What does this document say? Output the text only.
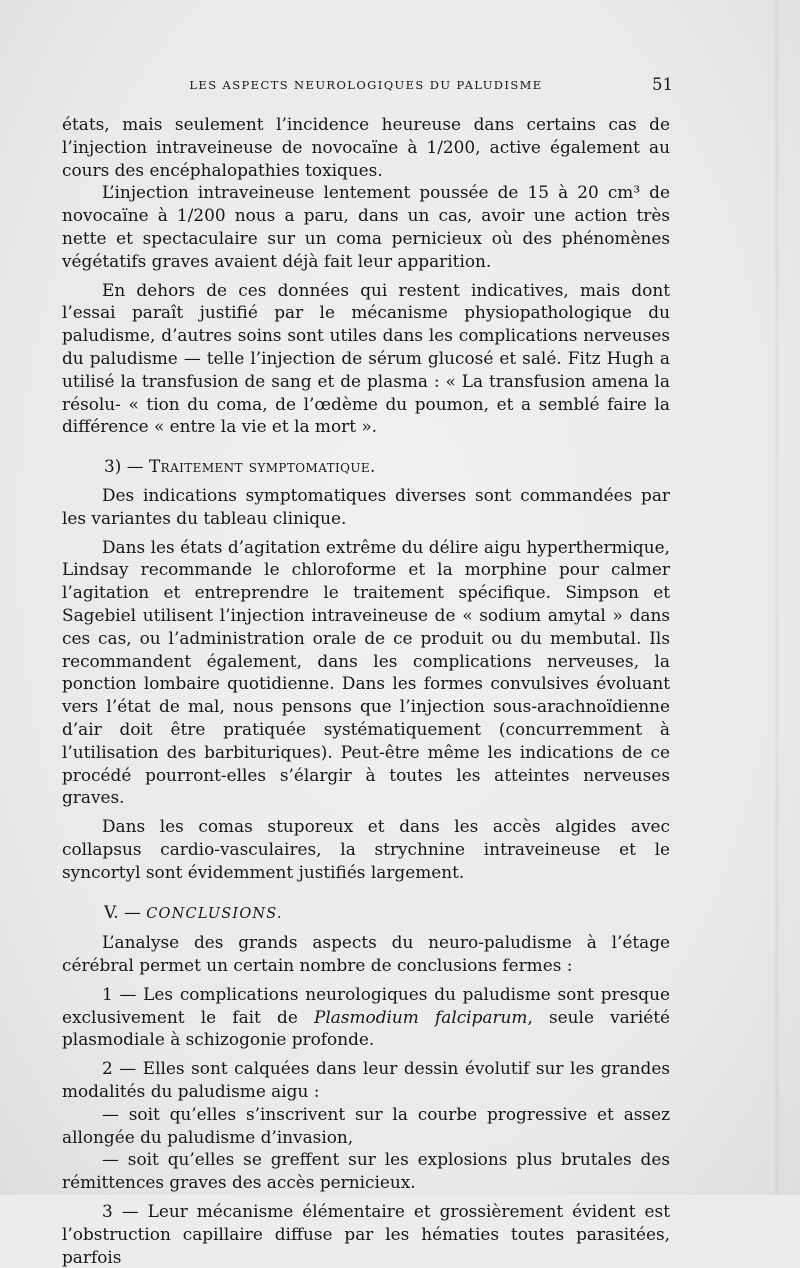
LES ASPECTS NEUROLOGIQUES DU PALUDISME	51

états, mais seulement l’incidence heureuse dans certains cas de l’injection intraveineuse de novocaïne à 1/200, active également au cours des encéphalopathies toxiques.

L’injection intraveineuse lentement poussée de 15 à 20 cm³ de novocaïne à 1/200 nous a paru, dans un cas, avoir une action très nette et spectaculaire sur un coma pernicieux où des phénomènes végétatifs graves avaient déjà fait leur apparition.

En dehors de ces données qui restent indicatives, mais dont l’essai paraît justifié par le mécanisme physiopathologique du paludisme, d’autres soins sont utiles dans les complications nerveuses du paludisme — telle l’injection de sérum glucosé et salé. Fitz Hugh a utilisé la transfusion de sang et de plasma : « La transfusion amena la résolu- « tion du coma, de l’œdème du poumon, et a semblé faire la différence « entre la vie et la mort ».

3) — Traitement symptomatique.

Des indications symptomatiques diverses sont commandées par les variantes du tableau clinique.

Dans les états d’agitation extrême du délire aigu hyperthermique, Lindsay recommande le chloroforme et la morphine pour calmer l’agitation et entreprendre le traitement spécifique. Simpson et Sagebiel utilisent l’injection intraveineuse de « sodium amytal » dans ces cas, ou l’administration orale de ce produit ou du membutal. Ils recommandent également, dans les complications nerveuses, la ponction lombaire quotidienne. Dans les formes convulsives évoluant vers l’état de mal, nous pensons que l’injection sous-arachnoïdienne d’air doit être pratiquée systématiquement (concurremment à l’utilisation des barbituriques). Peut-être même les indications de ce procédé pourront-elles s’élargir à toutes les atteintes nerveuses graves.

Dans les comas stuporeux et dans les accès algides avec collapsus cardio-vasculaires, la strychnine intraveineuse et le syncortyl sont évidemment justifiés largement.

V. — CONCLUSIONS.

L’analyse des grands aspects du neuro-paludisme à l’étage cérébral permet un certain nombre de conclusions fermes :

1 — Les complications neurologiques du paludisme sont presque exclusivement le fait de Plasmodium falciparum, seule variété plasmodiale à schizogonie profonde.

2 — Elles sont calquées dans leur dessin évolutif sur les grandes modalités du paludisme aigu :

— soit qu’elles s’inscrivent sur la courbe progressive et assez allongée du paludisme d’invasion,

— soit qu’elles se greffent sur les explosions plus brutales des rémittences graves des accès pernicieux.

3 — Leur mécanisme élémentaire et grossièrement évident est l’obstruction capillaire diffuse par les hématies toutes parasitées, parfois
